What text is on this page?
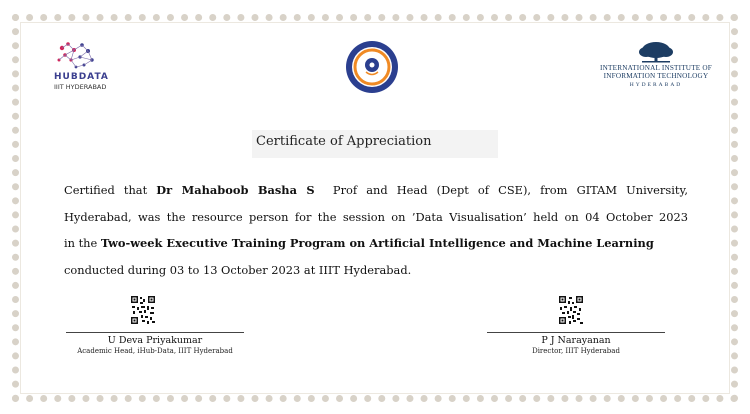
HUBDATA
IIIT HYDERABAD
INTERNATIONAL INSTITUTE OF
INFORMATION TECHNOLOGY
HYDERABAD
Certificate of Appreciation
Certified that Dr Mahaboob Basha S  Prof and Head (Dept of CSE), from GITAM University,
Hyderabad, was the resource person for the session on ’Data Visualisation’ held on 04 October 2023
in the Two-week Executive Training Program on Artificial Intelligence and Machine Learning
conducted during 03 to 13 October 2023 at IIIT Hyderabad.
U Deva Priyakumar
Academic Head, iHub-Data, IIIT Hyderabad
P J Narayanan
Director, IIIT Hyderabad
